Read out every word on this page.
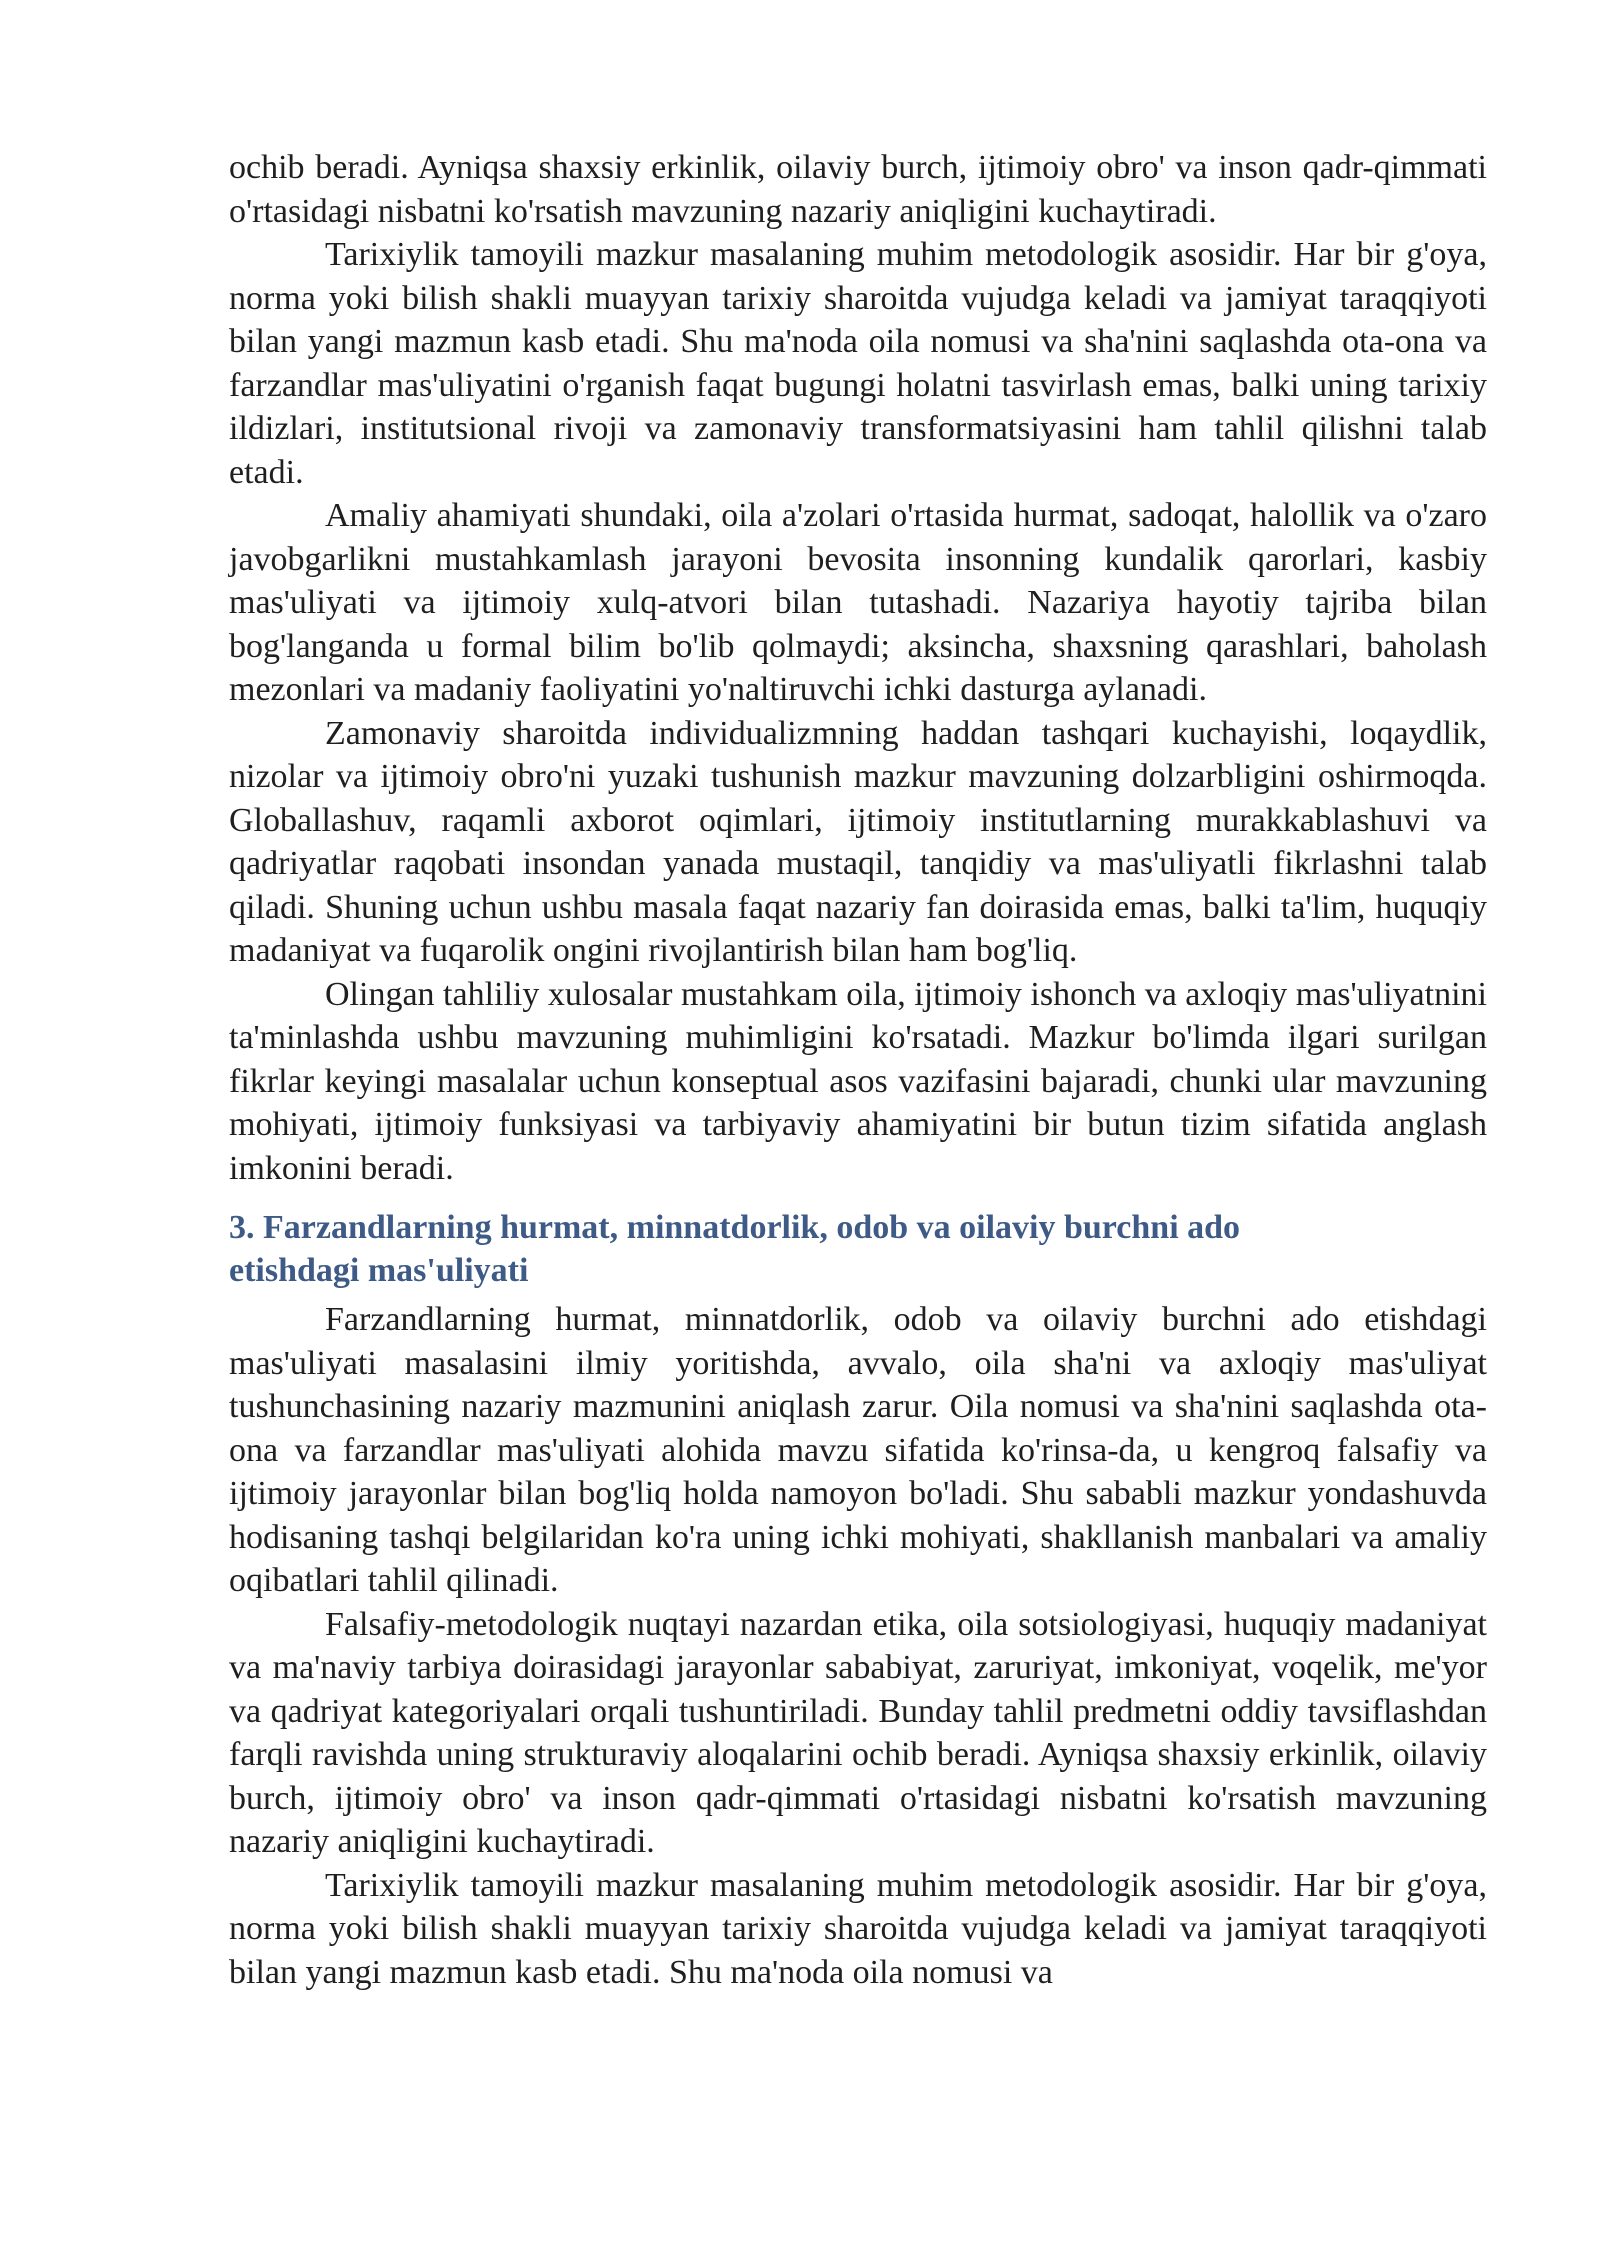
ochib beradi. Ayniqsa shaxsiy erkinlik, oilaviy burch, ijtimoiy obro' va inson qadr-qimmati o'rtasidagi nisbatni ko'rsatish mavzuning nazariy aniqligini kuchaytiradi.

Tarixiylik tamoyili mazkur masalaning muhim metodologik asosidir. Har bir g'oya, norma yoki bilish shakli muayyan tarixiy sharoitda vujudga keladi va jamiyat taraqqiyoti bilan yangi mazmun kasb etadi. Shu ma'noda oila nomusi va sha'nini saqlashda ota-ona va farzandlar mas'uliyatini o'rganish faqat bugungi holatni tasvirlash emas, balki uning tarixiy ildizlari, institutsional rivoji va zamonaviy transformatsiyasini ham tahlil qilishni talab etadi.

Amaliy ahamiyati shundaki, oila a'zolari o'rtasida hurmat, sadoqat, halollik va o'zaro javobgarlikni mustahkamlash jarayoni bevosita insonning kundalik qarorlari, kasbiy mas'uliyati va ijtimoiy xulq-atvori bilan tutashadi. Nazariya hayotiy tajriba bilan bog'langanda u formal bilim bo'lib qolmaydi; aksincha, shaxsning qarashlari, baholash mezonlari va madaniy faoliyatini yo'naltiruvchi ichki dasturga aylanadi.

Zamonaviy sharoitda individualizmning haddan tashqari kuchayishi, loqaydlik, nizolar va ijtimoiy obro'ni yuzaki tushunish mazkur mavzuning dolzarbligini oshirmoqda. Globallashuv, raqamli axborot oqimlari, ijtimoiy institutlarning murakkablashuvi va qadriyatlar raqobati insondan yanada mustaqil, tanqidiy va mas'uliyatli fikrlashni talab qiladi. Shuning uchun ushbu masala faqat nazariy fan doirasida emas, balki ta'lim, huquqiy madaniyat va fuqarolik ongini rivojlantirish bilan ham bog'liq.

Olingan tahliliy xulosalar mustahkam oila, ijtimoiy ishonch va axloqiy mas'uliyatnini ta'minlashda ushbu mavzuning muhimligini ko'rsatadi. Mazkur bo'limda ilgari surilgan fikrlar keyingi masalalar uchun konseptual asos vazifasini bajaradi, chunki ular mavzuning mohiyati, ijtimoiy funksiyasi va tarbiyaviy ahamiyatini bir butun tizim sifatida anglash imkonini beradi.

3. Farzandlarning hurmat, minnatdorlik, odob va oilaviy burchni ado
etishdagi mas'uliyati

Farzandlarning hurmat, minnatdorlik, odob va oilaviy burchni ado etishdagi mas'uliyati masalasini ilmiy yoritishda, avvalo, oila sha'ni va axloqiy mas'uliyat tushunchasining nazariy mazmunini aniqlash zarur. Oila nomusi va sha'nini saqlashda ota-ona va farzandlar mas'uliyati alohida mavzu sifatida ko'rinsa-da, u kengroq falsafiy va ijtimoiy jarayonlar bilan bog'liq holda namoyon bo'ladi. Shu sababli mazkur yondashuvda hodisaning tashqi belgilaridan ko'ra uning ichki mohiyati, shakllanish manbalari va amaliy oqibatlari tahlil qilinadi.

Falsafiy-metodologik nuqtayi nazardan etika, oila sotsiologiyasi, huquqiy madaniyat va ma'naviy tarbiya doirasidagi jarayonlar sababiyat, zaruriyat, imkoniyat, voqelik, me'yor va qadriyat kategoriyalari orqali tushuntiriladi. Bunday tahlil predmetni oddiy tavsiflashdan farqli ravishda uning strukturaviy aloqalarini ochib beradi. Ayniqsa shaxsiy erkinlik, oilaviy burch, ijtimoiy obro' va inson qadr-qimmati o'rtasidagi nisbatni ko'rsatish mavzuning nazariy aniqligini kuchaytiradi.

Tarixiylik tamoyili mazkur masalaning muhim metodologik asosidir. Har bir g'oya, norma yoki bilish shakli muayyan tarixiy sharoitda vujudga keladi va jamiyat taraqqiyoti bilan yangi mazmun kasb etadi. Shu ma'noda oila nomusi va
